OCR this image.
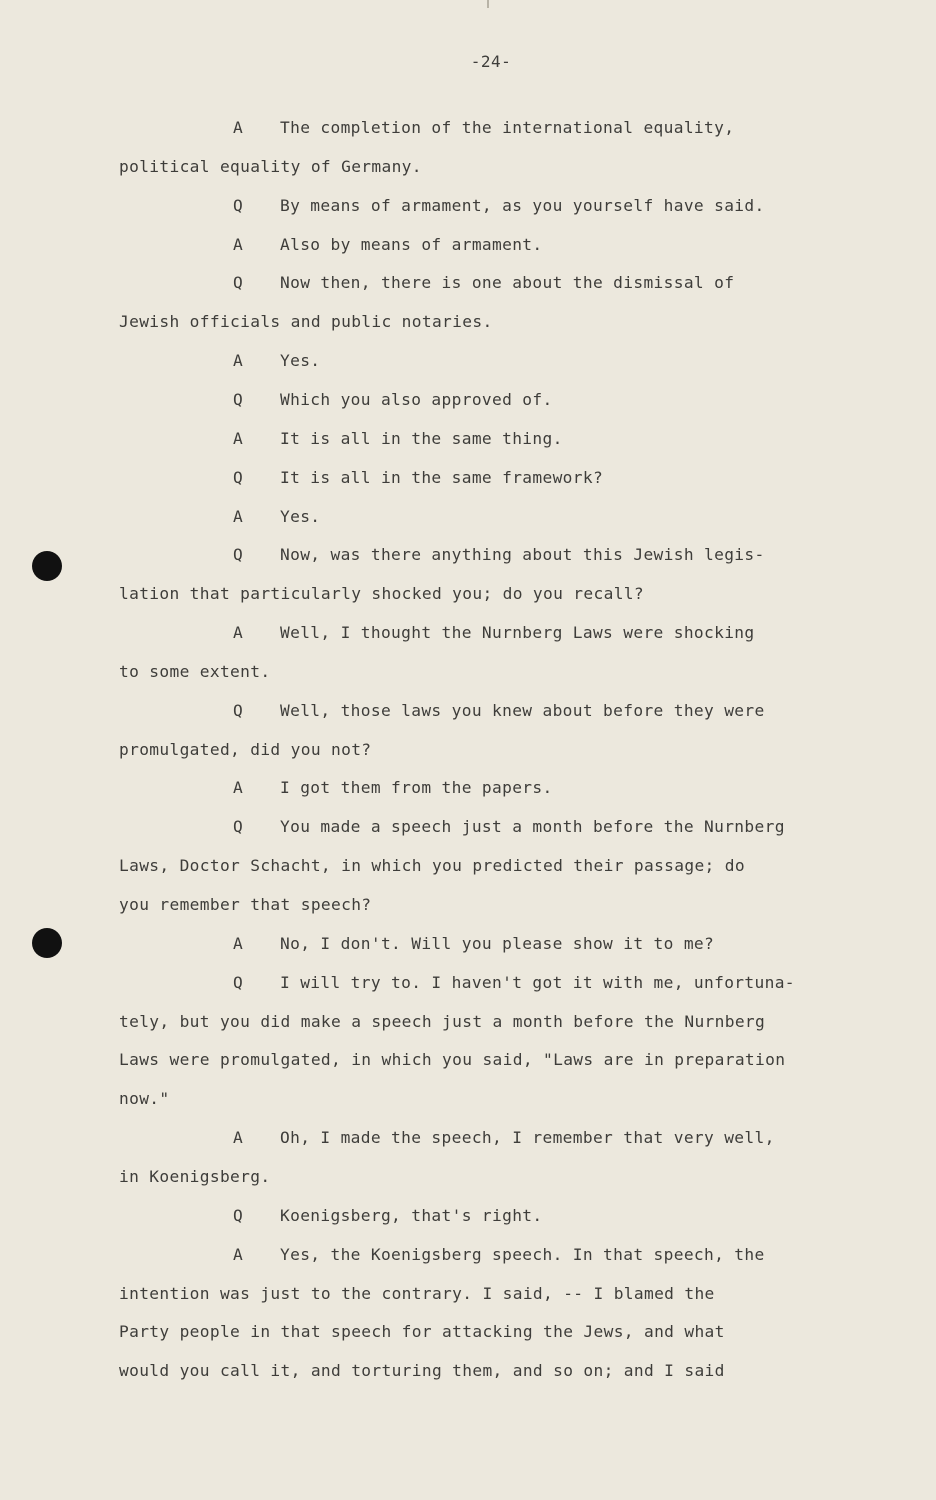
-24-
A	The completion of the international equality,
political equality of Germany.
Q	By means of armament, as you yourself have said.
A	Also by means of armament.
Q	Now then, there is one about the dismissal of
Jewish officials and public notaries.
A	Yes.
Q	Which you also approved of.
A	It is all in the same thing.
Q	It is all in the same framework?
A	Yes.
Q	Now, was there anything about this Jewish legis-
lation that particularly shocked you; do you recall?
A	Well, I thought the Nurnberg Laws were shocking
to some extent.
Q	Well, those laws you knew about before they were
promulgated, did you not?
A	I got them from the papers.
Q	You made a speech just a month before the Nurnberg
Laws, Doctor Schacht, in which you predicted their passage; do
you remember that speech?
A	No, I don't. Will you please show it to me?
Q	I will try to. I haven't got it with me, unfortuna-
tely, but you did make a speech just a month before the Nurnberg
Laws were promulgated, in which you said, "Laws are in preparation
now."
A	Oh, I made the speech, I remember that very well,
in Koenigsberg.
Q	Koenigsberg, that's right.
A	Yes, the Koenigsberg speech. In that speech, the
intention was just to the contrary. I said, -- I blamed the
Party people in that speech for attacking the Jews, and what
would you call it, and torturing them, and so on; and I said
